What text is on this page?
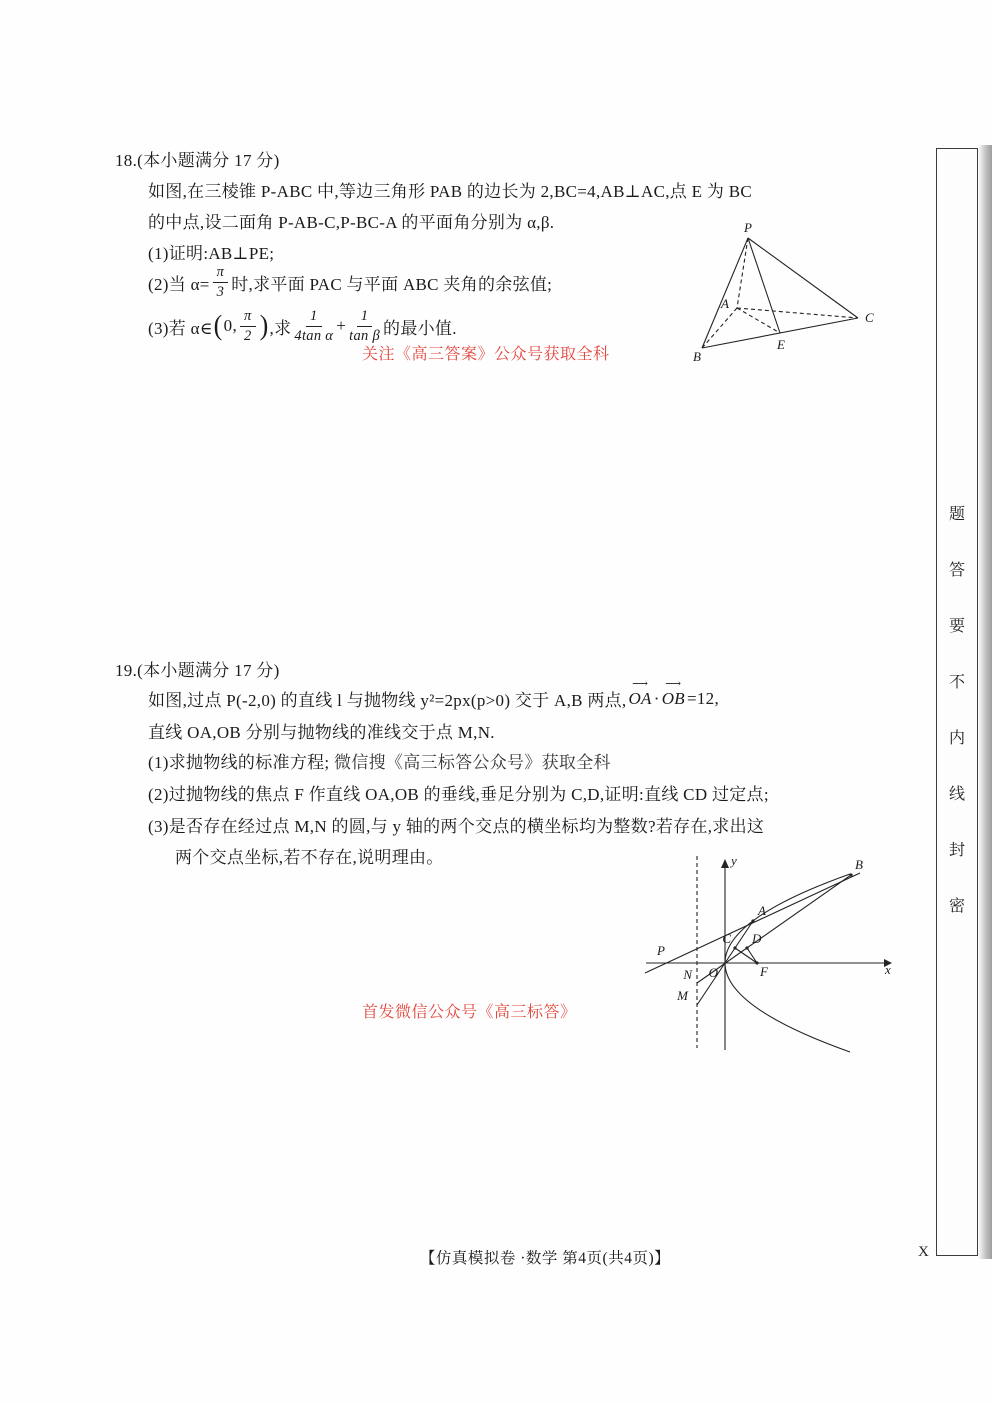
18.(本小题满分 17 分)

如图,在三棱锥 P-ABC 中,等边三角形 PAB 的边长为 2,BC=4,AB⊥AC,点 E 为 BC

的中点,设二面角 P-AB-C,P-BC-A 的平面角分别为 α,β.

(1)证明:AB⊥PE;

(2)当 $\alpha= \frac{\pi}{3}$ 时,求平面 PAC 与平面 ABC 夹角的余弦值;

(3)若 α∈ ( 0, $\frac{\pi}{2}$ ) ,求 $\frac{1}{\text{4tan α}} + \frac{1}{\text{tan β}}$ 的最小值.

关注《高三答案》公众号获取全科
P
A
B
C
E
19.(本小题满分 17 分)

如图,过点 P(-2,0) 的直线 l 与抛物线 y²=2px(p>0) 交于 A,B 两点,
⟶
OA ·
⟶
OB =12,

直线 OA,OB 分别与抛物线的准线交于点 M,N.

(1)求抛物线的标准方程; 微信搜《高三标答公众号》获取全科

(2)过抛物线的焦点 F 作直线 OA,OB 的垂线,垂足分别为 C,D,证明:直线 CD 过定点;

(3)是否存在经过点 M,N 的圆,与 y 轴的两个交点的横坐标均为整数?若存在,求出这

两个交点坐标,若不存在,说明理由。

首发微信公众号《高三标答》
y
x
O	F
P
A
B
C D
N
M
题
答
要
不
内
线
封
密
【仿真模拟卷 ·数学 第4页(共4页)】	X
